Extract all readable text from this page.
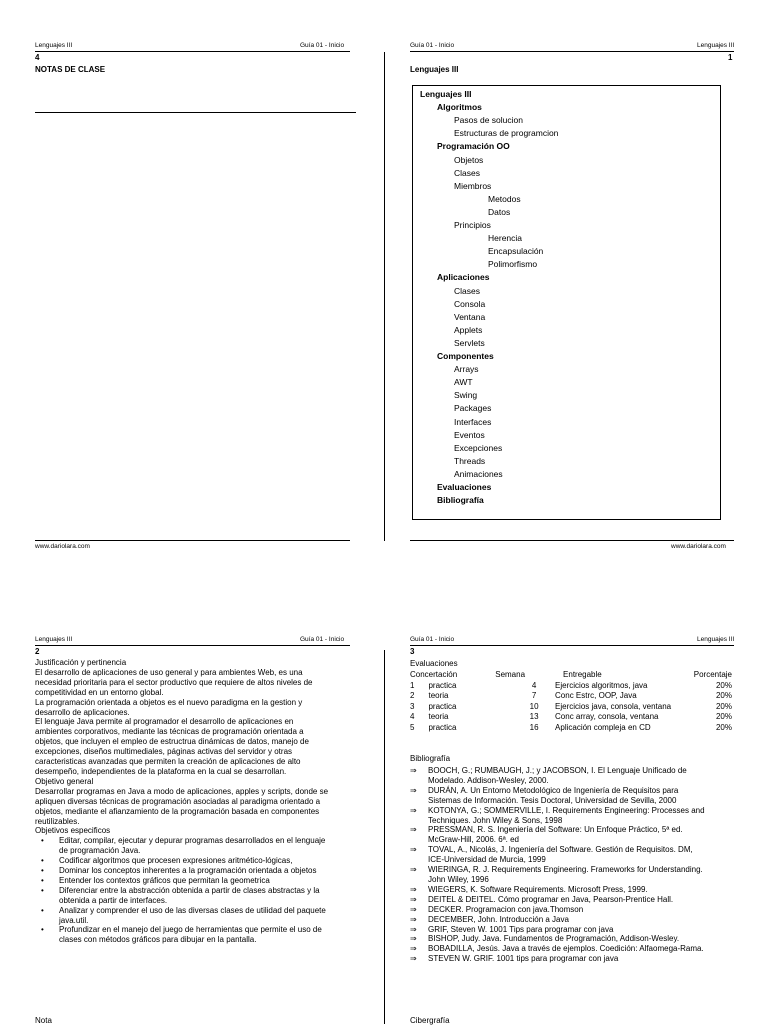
Lenguajes III	Guía 01 - Inicio
4
NOTAS DE CLASE
www.dariolara.com
Guía 01 - Inicio	Lenguajes III
1
Lenguajes III
Lenguajes III
Algoritmos
Pasos de solucion
Estructuras de programcion
Programación OO
Objetos
Clases
Miembros
Metodos
Datos
Principios
Herencia
Encapsulación
Polimorfismo
Aplicaciones
Clases
Consola
Ventana
Applets
Servlets
Componentes
Arrays
AWT
Swing
Packages
Interfaces
Eventos
Excepciones
Threads
Animaciones
Evaluaciones
Bibliografía
www.dariolara.com
Lenguajes III	Guía 01 - Inicio
2
Justificación y pertinencia
El desarrollo de aplicaciones de uso general y para ambientes Web, es una
necesidad prioritaria para el sector productivo que requiere de altos niveles de
competitividad en un entorno global.
La programación orientada a objetos es el nuevo paradigma en la gestion y
desarrollo de aplicaciones.
El lenguaje Java permite al programador el desarrollo de aplicaciones en
ambientes corporativos, mediante las técnicas de programación orientada a
objetos, que incluyen el empleo de estructrua dinámicas de datos, manejo de
excepciones, diseños multimediales, páginas activas del servidor y otras
caracteristicas avanzadas que permiten la creación de aplicaciones de alto
desempeño, independientes de la plataforma en la cual se desarrollan.
Objetivo general
Desarrollar programas en Java a modo de aplicaciones, apples y scripts, donde se
apliquen diversas técnicas de programación asociadas al paradigma orientado a
objetos, mediante el afianzamiento de la programación basada en componentes
reutilizables.
Objetivos especificos
• Editar, compilar, ejecutar y depurar programas desarrollados en el lenguaje
de programación Java.
• Codificar algoritmos que procesen expresiones aritmético-lógicas,
• Dominar los conceptos inherentes a la programación orientada a objetos
• Entender los contextos gráficos que permitan la geometrica
• Diferenciar entre la abstracción obtenida a partir de clases abstractas y la
obtenida a partir de interfaces.
• Analizar y comprender el uso de las diversas clases de utilidad del paquete
java.util.
• Profundizar en el manejo del juego de herramientas que permite el uso de
clases con métodos gráficos para dibujar en la pantalla.
Nota
Guía 01 - Inicio	Lenguajes III
3
Evaluaciones
Concertación	Semana	Entregable	Porcentaje
1	practica	4	Ejercicios algoritmos, java	20%
2	teoria	7	Conc Estrc, OOP, Java	20%
3	practica	10	Ejercicios java, consola, ventana	20%
4	teoria	13	Conc array, consola, ventana	20%
5	practica	16	Aplicación compleja en CD	20%
Bibliografía
⇒ BOOCH, G.; RUMBAUGH, J.; y JACOBSON, I. El Lenguaje Unificado de
Modelado. Addison-Wesley, 2000.
⇒ DURÁN, A. Un Entorno Metodológico de Ingeniería de Requisitos para
Sistemas de Información. Tesis Doctoral, Universidad de Sevilla, 2000
⇒ KOTONYA, G.; SOMMERVILLE, I. Requirements Engineering: Processes and
Techniques. John Wiley & Sons, 1998
⇒ PRESSMAN, R. S. Ingeniería del Software: Un Enfoque Práctico, 5ª ed.
McGraw-Hill, 2006. 6ª. ed
⇒ TOVAL, A., Nicolás, J. Ingeniería del Software. Gestión de Requisitos. DM,
ICE-Universidad de Murcia, 1999
⇒ WIERINGA, R. J. Requirements Engineering. Frameworks for Understanding.
John Wiley, 1996
⇒ WIEGERS, K. Software Requirements. Microsoft Press, 1999.
⇒ DEITEL & DEITEL. Cómo programar en Java, Pearson-Prentice Hall.
⇒ DECKER. Programacion con java.Thomson
⇒ DECEMBER, John. Introducción a Java
⇒ GRIF, Steven W. 1001 Tips para programar con java
⇒ BISHOP, Judy. Java. Fundamentos de Programación, Addison-Wesley.
⇒ BOBADILLA, Jesús. Java a través de ejemplos. Coedición: Alfaomega-Rama.
⇒ STEVEN W. GRIF. 1001 tips para programar con java
Cibergrafía
